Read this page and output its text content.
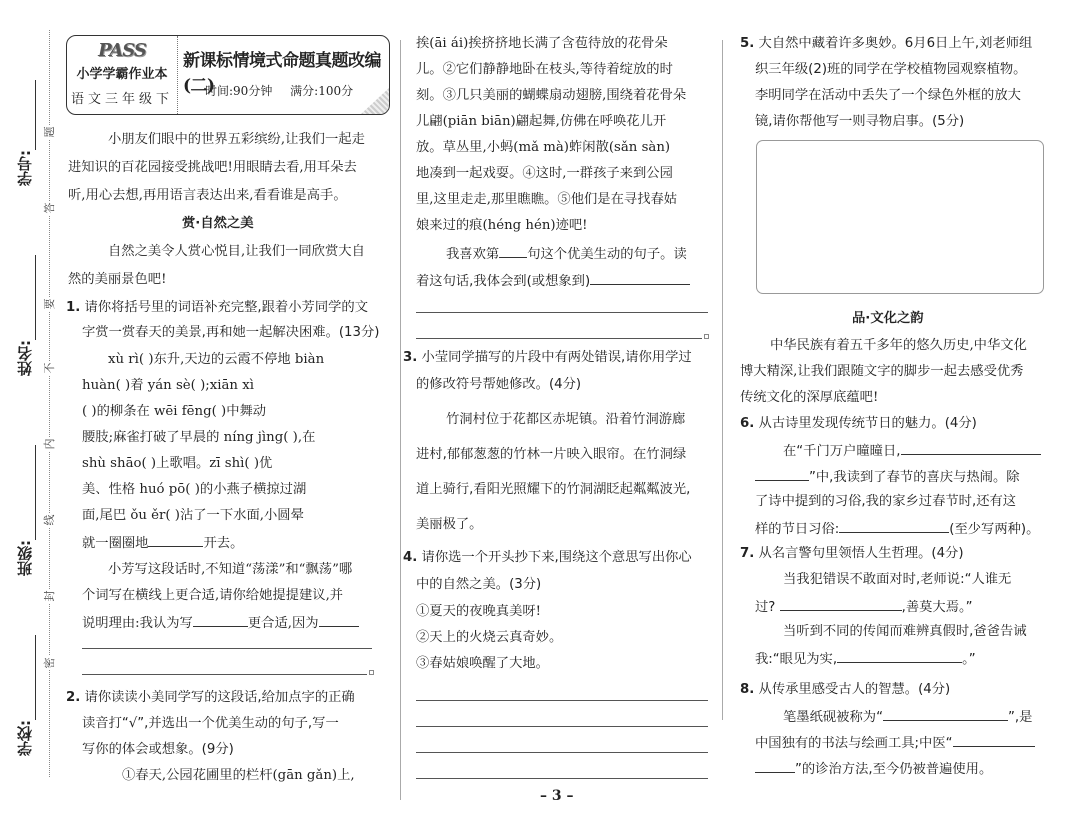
学号:
姓名:
班级:
学校:
题
答
要
不
内
线
封
密
PASS
小学学霸作业本
语文三年级下
新课标情境式命题真题改编(二)
时间:90分钟 满分:100分

小朋友们眼中的世界五彩缤纷,让我们一起走

进知识的百花园接受挑战吧!用眼睛去看,用耳朵去

听,用心去想,再用语言表达出来,看看谁是高手。

赏·自然之美

自然之美令人赏心悦目,让我们一同欣赏大自

然的美丽景色吧!

1. 请你将括号里的词语补充完整,跟着小芳同学的文

字赏一赏春天的美景,再和她一起解决困难。(13分)

xù rì( )东升,天边的云霞不停地 biàn

huàn( )着 yán sè( );xiān xì

( )的柳条在 wēi fēng( )中舞动

腰肢;麻雀打破了早晨的 níng jìng( ),在

shù shāo( )上歌唱。zī shì( )优

美、性格 huó pō( )的小燕子横掠过湖

面,尾巴 ǒu ěr( )沾了一下水面,小圆晕

就一圈圈地	开去。

小芳写这段话时,不知道“荡漾”和“飘荡”哪

个词写在横线上更合适,请你给她提提建议,并

说明理由:我认为写	更合适,因为

2. 请你读读小美同学写的这段话,给加点字的正确

读音打“√”,并选出一个优美生动的句子,写一

写你的体会或想象。(9分)

①春天,公园花圃里的栏杆(gān gǎn)上,

挨(āi ái)挨挤挤地长满了含苞待放的花骨朵

儿。②它们静静地卧在枝头,等待着绽放的时

刻。③几只美丽的蝴蝶扇动翅膀,围绕着花骨朵

儿翩(piān biān)翩起舞,仿佛在呼唤花儿开

放。草丛里,小蚂(mǎ mà)蚱闲散(sǎn sàn)

地凑到一起戏耍。④这时,一群孩子来到公园

里,这里走走,那里瞧瞧。⑤他们是在寻找春姑

娘来过的痕(héng hén)迹吧!

我喜欢第 句这个优美生动的句子。读

着这句话,我体会到(或想象到)

3. 小莹同学描写的片段中有两处错误,请你用学过

的修改符号帮她修改。(4分)

竹洞村位于花都区赤坭镇。沿着竹洞游廊

进村,郁郁葱葱的竹林一片映入眼帘。在竹洞绿

道上骑行,看阳光照耀下的竹洞湖眨起粼粼波光,

美丽极了。

4. 请你选一个开头抄下来,围绕这个意思写出你心

中的自然之美。(3分)

①夏天的夜晚真美呀!

②天上的火烧云真奇妙。

③春姑娘唤醒了大地。

– 3 –

5. 大自然中藏着许多奥妙。6月6日上午,刘老师组

织三年级(2)班的同学在学校植物园观察植物。

李明同学在活动中丢失了一个绿色外框的放大

镜,请你帮他写一则寻物启事。(5分)

品·文化之韵

中华民族有着五千多年的悠久历史,中华文化

博大精深,让我们跟随文字的脚步一起去感受优秀

传统文化的深厚底蕴吧!

6. 从古诗里发现传统节日的魅力。(4分)

在“千门万户曈曈日,

”中,我读到了春节的喜庆与热闹。除

了诗中提到的习俗,我的家乡过春节时,还有这

样的节日习俗:	(至少写两种)。

7. 从名言警句里领悟人生哲理。(4分)

当我犯错误不敢面对时,老师说:“人谁无

过?	,善莫大焉。”

当听到不同的传闻而难辨真假时,爸爸告诫

我:“眼见为实,	。”

8. 从传承里感受古人的智慧。(4分)

笔墨纸砚被称为“	”,是

中国独有的书法与绘画工具;中医“

”的诊治方法,至今仍被普遍使用。
